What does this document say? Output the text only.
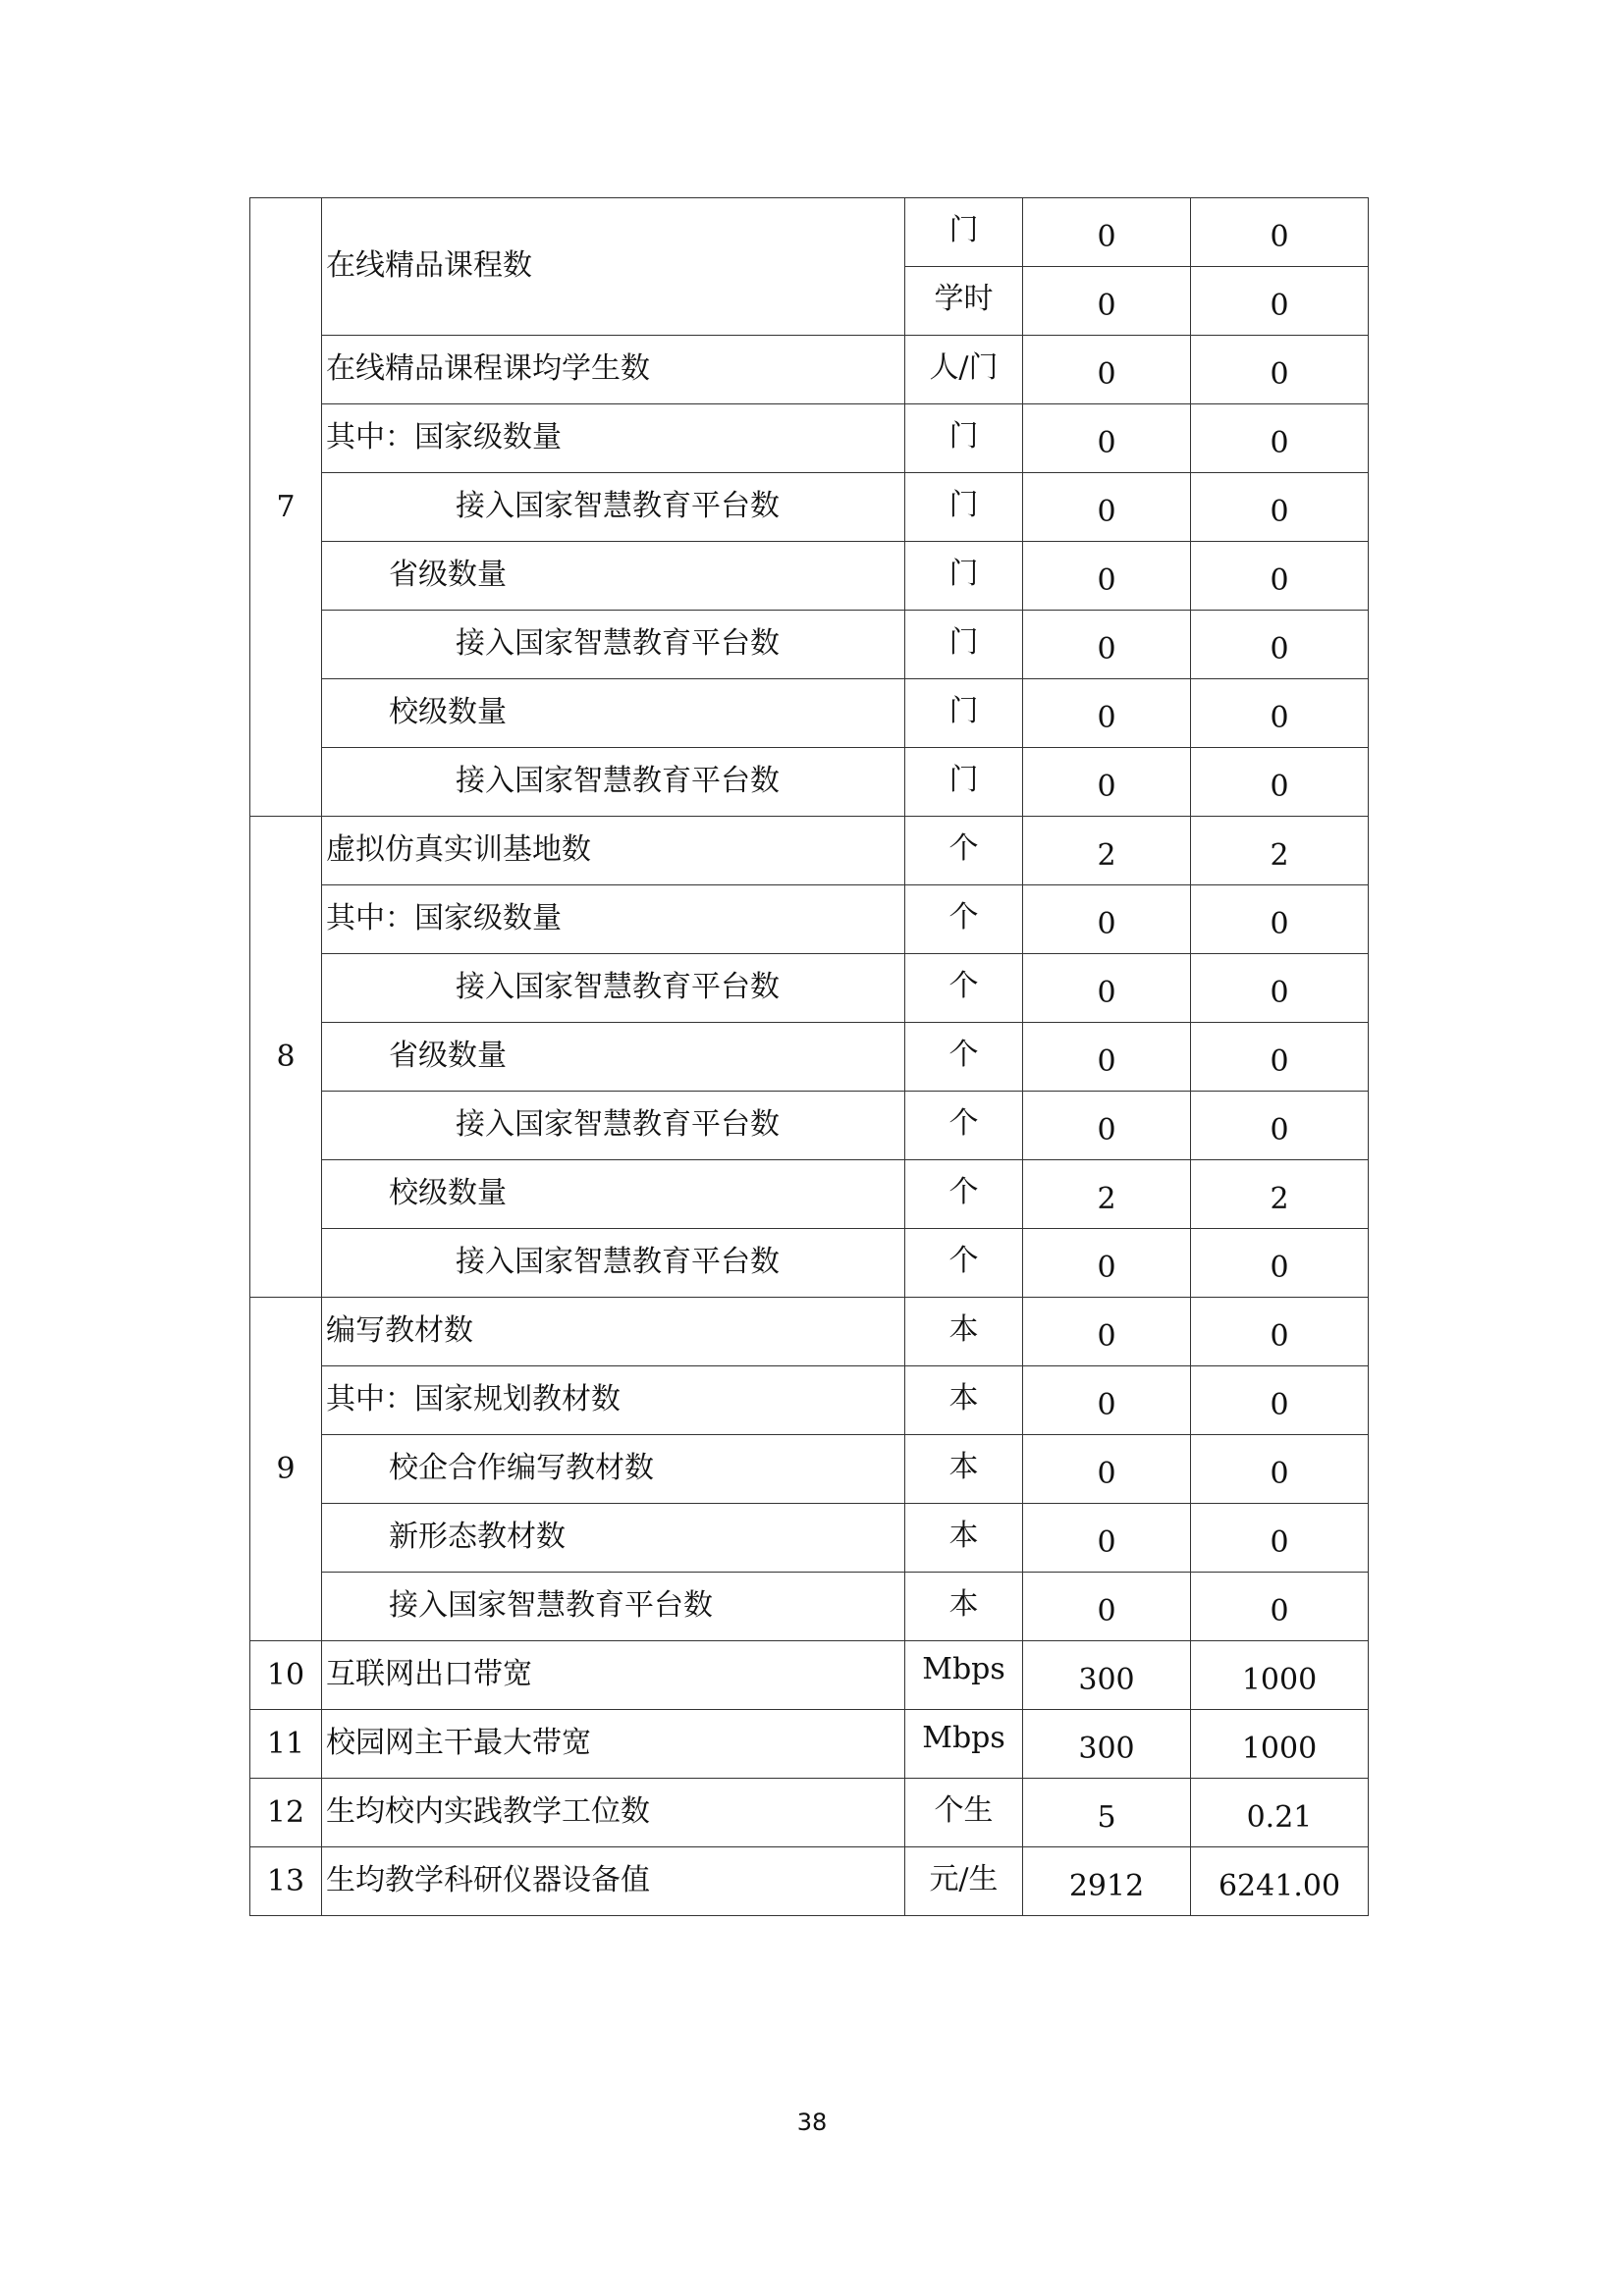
7	在线精品课程数	门	0	0
		学时	0	0
	在线精品课程课均学生数	人/门	0	0
	其中：国家级数量	门	0	0
	接入国家智慧教育平台数	门	0	0
	省级数量	门	0	0
	接入国家智慧教育平台数	门	0	0
	校级数量	门	0	0
	接入国家智慧教育平台数	门	0	0
8	虚拟仿真实训基地数	个	2	2
	其中：国家级数量	个	0	0
	接入国家智慧教育平台数	个	0	0
	省级数量	个	0	0
	接入国家智慧教育平台数	个	0	0
	校级数量	个	2	2
	接入国家智慧教育平台数	个	0	0
9	编写教材数	本	0	0
	其中：国家规划教材数	本	0	0
	校企合作编写教材数	本	0	0
	新形态教材数	本	0	0
	接入国家智慧教育平台数	本	0	0
10	互联网出口带宽	Mbps	300	1000
11	校园网主干最大带宽	Mbps	300	1000
12	生均校内实践教学工位数	个生	5	0.21
13	生均教学科研仪器设备值	元/生	2912	6241.00
38
